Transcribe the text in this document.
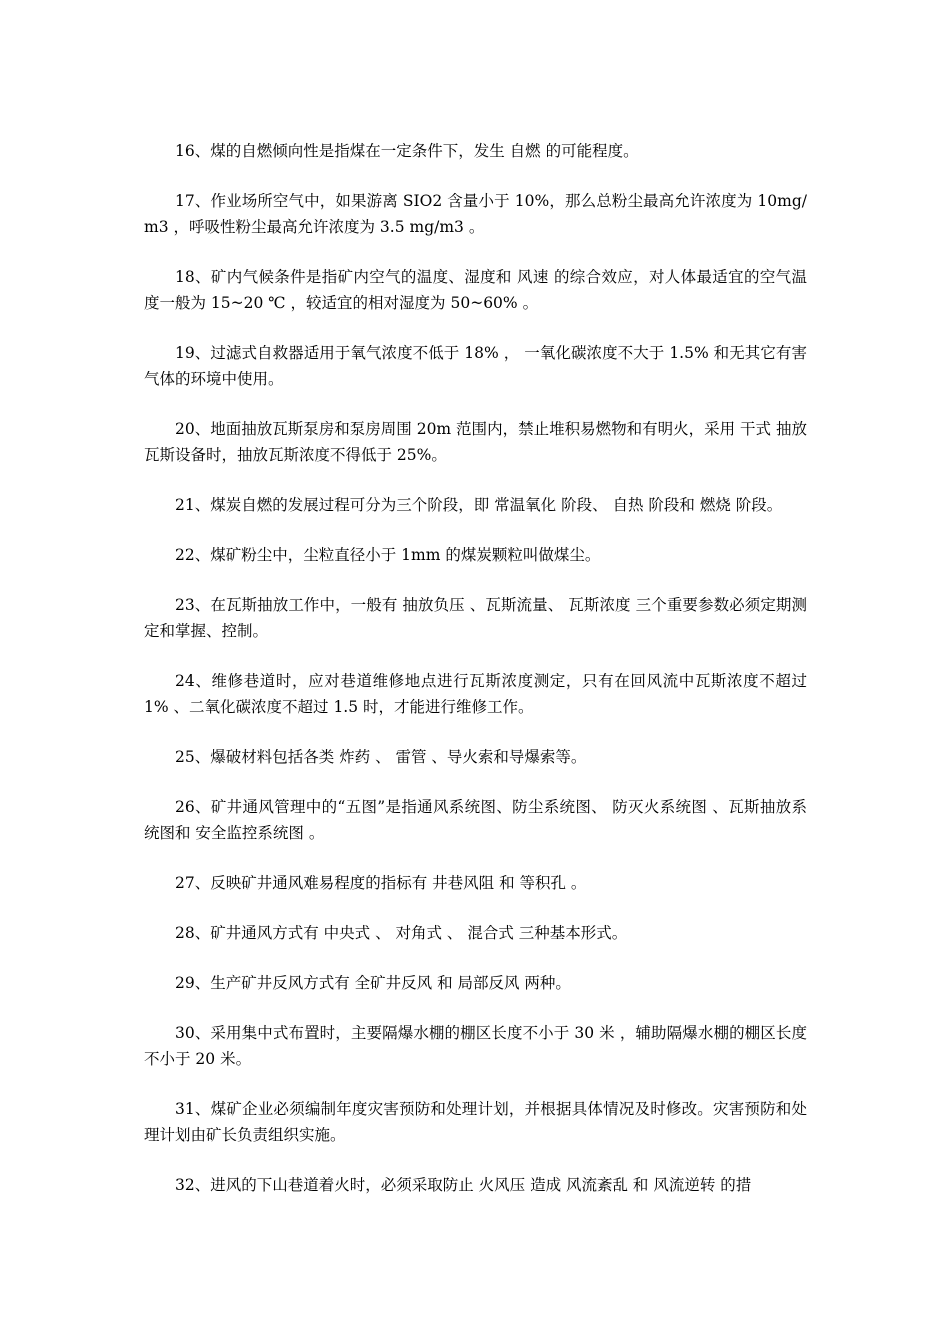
16、煤的自燃倾向性是指煤在一定条件下，发生 自燃 的可能程度。

17、作业场所空气中，如果游离 SIO2 含量小于 10%，那么总粉尘最高允许浓度为 10mg/m3 ，呼吸性粉尘最高允许浓度为 3.5 mg/m3 。

18、矿内气候条件是指矿内空气的温度、湿度和 风速 的综合效应，对人体最适宜的空气温度一般为 15~20 ℃ ，较适宜的相对湿度为 50~60% 。

19、过滤式自救器适用于氧气浓度不低于 18% ， 一氧化碳浓度不大于 1.5% 和无其它有害气体的环境中使用。

20、地面抽放瓦斯泵房和泵房周围 20m 范围内，禁止堆积易燃物和有明火，采用 干式 抽放瓦斯设备时，抽放瓦斯浓度不得低于 25%。

21、煤炭自燃的发展过程可分为三个阶段，即 常温氧化 阶段、 自热 阶段和 燃烧 阶段。

22、煤矿粉尘中，尘粒直径小于 1mm 的煤炭颗粒叫做煤尘。

23、在瓦斯抽放工作中，一般有 抽放负压 、瓦斯流量、 瓦斯浓度 三个重要参数必须定期测定和掌握、控制。

24、维修巷道时，应对巷道维修地点进行瓦斯浓度测定，只有在回风流中瓦斯浓度不超过 1% 、二氧化碳浓度不超过 1.5 时，才能进行维修工作。

25、爆破材料包括各类 炸药 、 雷管 、导火索和导爆索等。

26、矿井通风管理中的“五图”是指通风系统图、防尘系统图、 防灭火系统图 、瓦斯抽放系统图和 安全监控系统图 。

27、反映矿井通风难易程度的指标有 井巷风阻 和 等积孔 。

28、矿井通风方式有 中央式 、 对角式 、 混合式 三种基本形式。

29、生产矿井反风方式有 全矿井反风 和 局部反风 两种。

30、采用集中式布置时，主要隔爆水棚的棚区长度不小于 30 米 ，辅助隔爆水棚的棚区长度不小于 20 米。

31、煤矿企业必须编制年度灾害预防和处理计划，并根据具体情况及时修改。灾害预防和处理计划由矿长负责组织实施。

32、进风的下山巷道着火时，必须采取防止 火风压 造成 风流紊乱 和 风流逆转 的措
